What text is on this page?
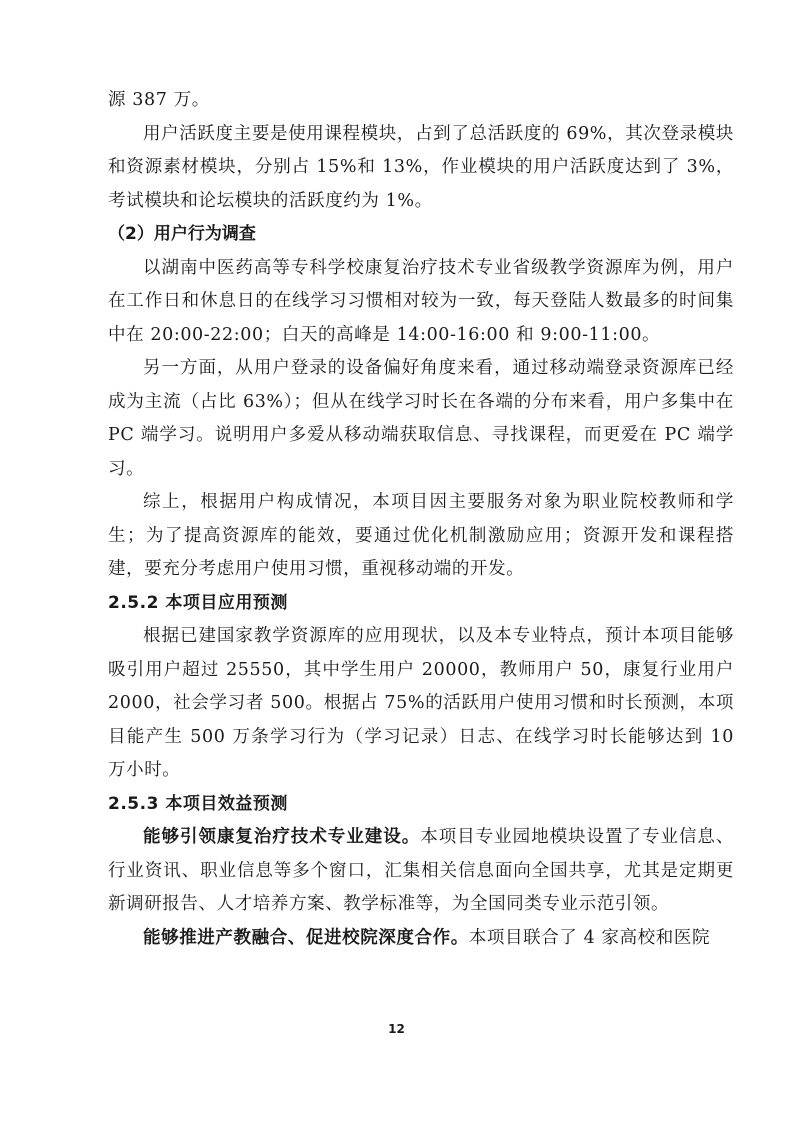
源 387 万。

用户活跃度主要是使用课程模块，占到了总活跃度的 69%，其次登录模块和资源素材模块，分别占 15%和 13%，作业模块的用户活跃度达到了 3%，考试模块和论坛模块的活跃度约为 1%。

（2）用户行为调查

以湖南中医药高等专科学校康复治疗技术专业省级教学资源库为例，用户在工作日和休息日的在线学习习惯相对较为一致，每天登陆人数最多的时间集中在 20:00-22:00；白天的高峰是 14:00-16:00 和 9:00-11:00。

另一方面，从用户登录的设备偏好角度来看，通过移动端登录资源库已经成为主流（占比 63%）；但从在线学习时长在各端的分布来看，用户多集中在 PC 端学习。说明用户多爱从移动端获取信息、寻找课程，而更爱在 PC 端学习。

综上，根据用户构成情况，本项目因主要服务对象为职业院校教师和学生；为了提高资源库的能效，要通过优化机制激励应用；资源开发和课程搭建，要充分考虑用户使用习惯，重视移动端的开发。

2.5.2 本项目应用预测

根据已建国家教学资源库的应用现状，以及本专业特点，预计本项目能够吸引用户超过 25550，其中学生用户 20000，教师用户 50，康复行业用户 2000，社会学习者 500。根据占 75%的活跃用户使用习惯和时长预测，本项目能产生 500 万条学习行为（学习记录）日志、在线学习时长能够达到 10 万小时。

2.5.3 本项目效益预测

能够引领康复治疗技术专业建设。本项目专业园地模块设置了专业信息、行业资讯、职业信息等多个窗口，汇集相关信息面向全国共享，尤其是定期更新调研报告、人才培养方案、教学标准等，为全国同类专业示范引领。

能够推进产教融合、促进校院深度合作。本项目联合了 4 家高校和医院

12
